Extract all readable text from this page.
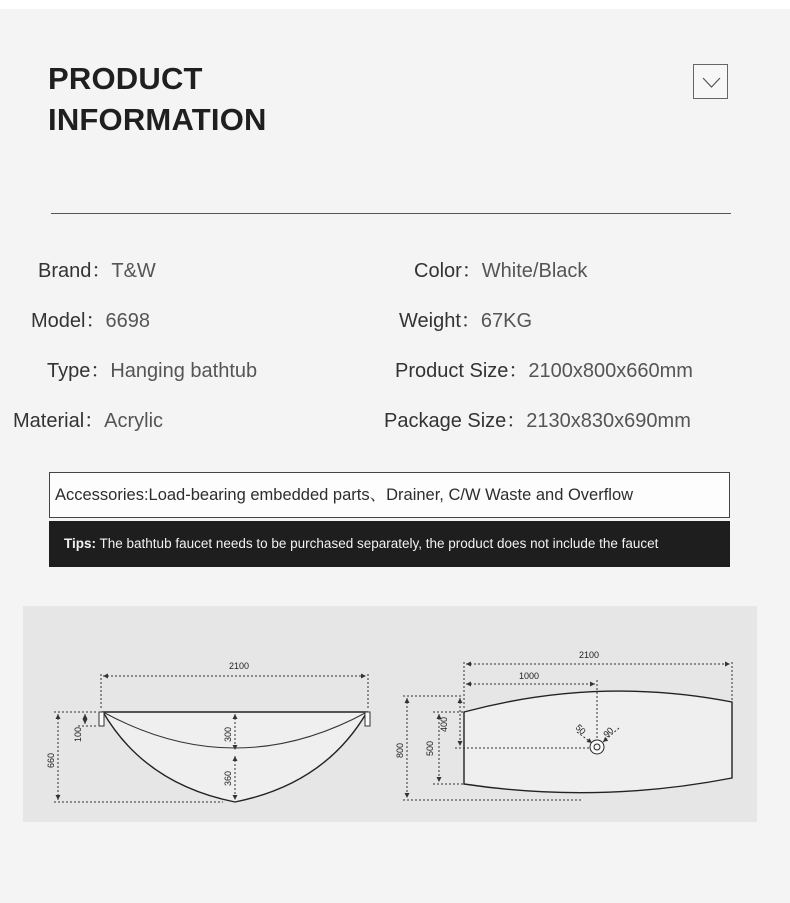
PRODUCT
INFORMATION
Brand：T&W
Model：6698
Type：Hanging bathtub
Material：Acrylic
Color：White/Black
Weight：67KG
Product Size：2100x800x660mm
Package Size：2130x830x690mm
Accessories:Load-bearing embedded parts、Drainer, C/W Waste and Overflow
Tips: The bathtub faucet needs to be purchased separately, the product does not include the faucet
2100
660
100	300
360
2100
1000
800 500
400	50 90
